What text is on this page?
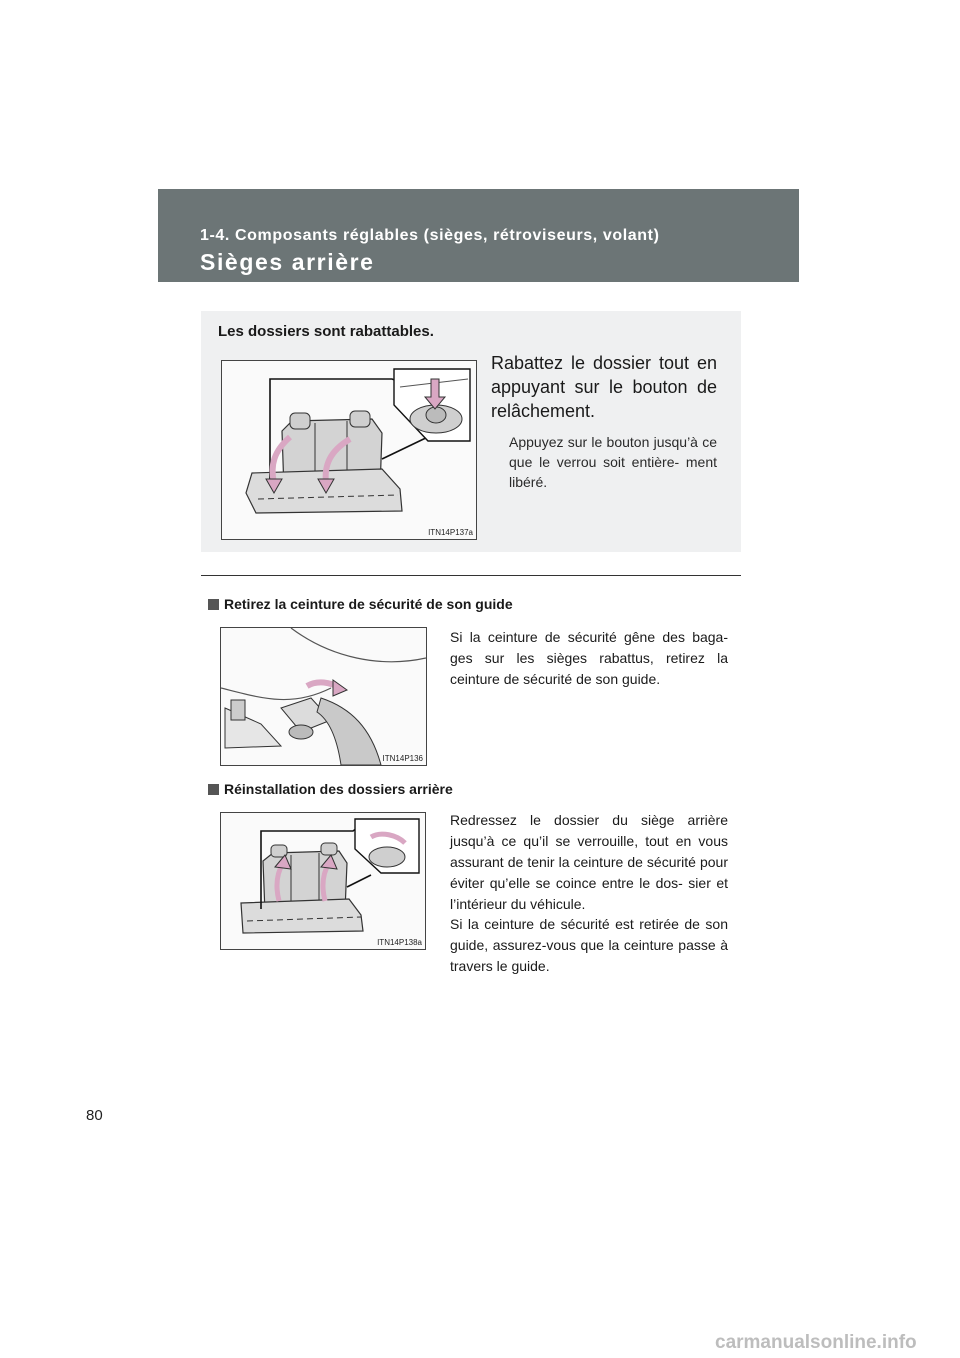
1-4. Composants réglables (sièges, rétroviseurs, volant)
Sièges arrière
Les dossiers sont rabattables.
ITN14P137a
Rabattez le dossier tout en appuyant sur le bouton de relâchement.
Appuyez sur le bouton jusqu’à ce que le verrou soit entière- ment libéré.
Retirez la ceinture de sécurité de son guide
ITN14P136

Si la ceinture de sécurité gêne des baga- ges sur les sièges rabattus, retirez la ceinture de sécurité de son guide.

Réinstallation des dossiers arrière
ITN14P138a

Redressez le dossier du siège arrière jusqu’à ce qu’il se verrouille, tout en vous assurant de tenir la ceinture de sécurité pour éviter qu’elle se coince entre le dos- sier et l’intérieur du véhicule.

Si la ceinture de sécurité est retirée de son guide, assurez-vous que la ceinture passe à travers le guide.

80
carmanualsonline.info
